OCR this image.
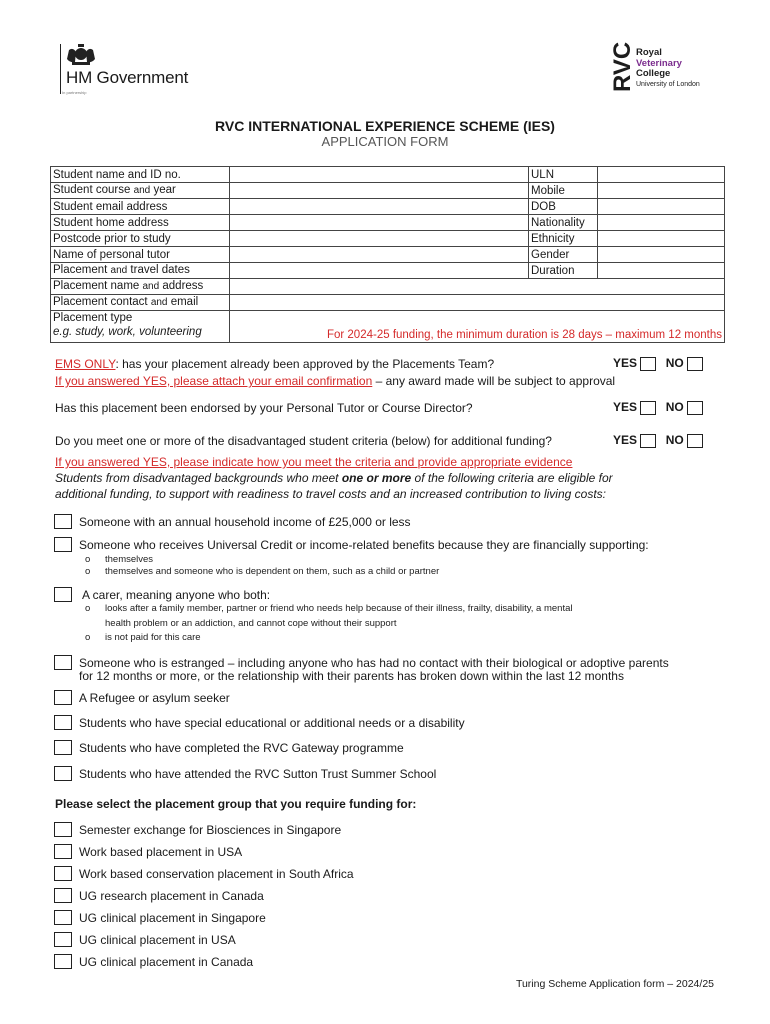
HM Government
In partnership
RVC Royal
Veterinary
College
University of London
RVC INTERNATIONAL EXPERIENCE SCHEME (IES)
APPLICATION FORM
Student name and ID no.		ULN	
Student course and year		Mobile	
Student email address		DOB	
Student home address		Nationality	
Postcode prior to study		Ethnicity	
Name of personal tutor		Gender	
Placement and travel dates		Duration	
Placement name and address			
Placement contact and email			

Placement type
e.g. study, work, volunteering	For 2024-25 funding, the minimum duration is 28 days – maximum 12 months		
EMS ONLY: has your placement already been approved by the Placements Team?	YES NO
If you answered YES, please attach your email confirmation – any award made will be subject to approval
Has this placement been endorsed by your Personal Tutor or Course Director?	YES NO
Do you meet one or more of the disadvantaged student criteria (below) for additional funding?	YES NO
If you answered YES, please indicate how you meet the criteria and provide appropriate evidence
Students from disadvantaged backgrounds who meet one or more of the following criteria are eligible for
additional funding, to support with readiness to travel costs and an increased contribution to living costs:
Someone with an annual household income of £25,000 or less
Someone who receives Universal Credit or income-related benefits because they are financially supporting:
A carer, meaning anyone who both:
Someone who is estranged – including anyone who has had no contact with their biological or adoptive parents
A Refugee or asylum seeker
Students who have special educational or additional needs or a disability
Students who have completed the RVC Gateway programme
Students who have attended the RVC Sutton Trust Summer School
for 12 months or more, or the relationship with their parents has broken down within the last 12 months
o themselves
o themselves and someone who is dependent on them, such as a child or partner
o looks after a family member, partner or friend who needs help because of their illness, frailty, disability, a mental
health problem or an addiction, and cannot cope without their support
o is not paid for this care
Please select the placement group that you require funding for:
Semester exchange for Biosciences in Singapore
Work based placement in USA
Work based conservation placement in South Africa
UG research placement in Canada
UG clinical placement in Singapore
UG clinical placement in USA
UG clinical placement in Canada
Turing Scheme Application form – 2024/25
